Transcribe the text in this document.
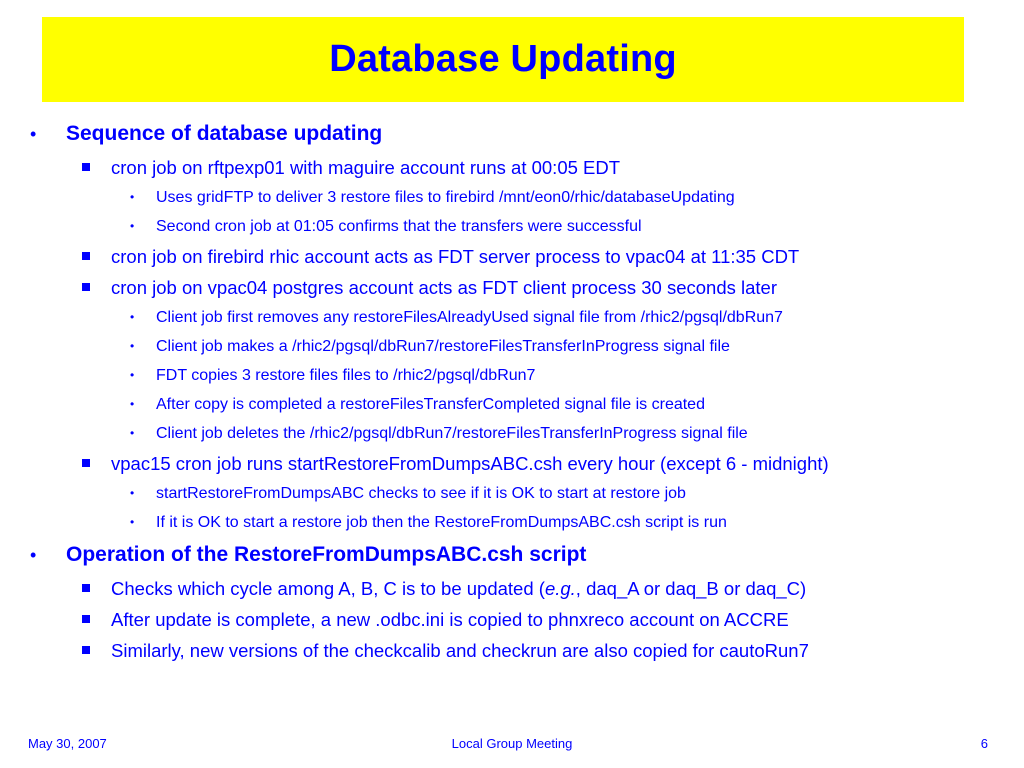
Database Updating
• Sequence of database updating
cron job on rftpexp01 with maguire account runs at 00:05 EDT
• Uses gridFTP to deliver 3 restore files to firebird /mnt/eon0/rhic/databaseUpdating
• Second cron job at 01:05 confirms that the transfers were successful
cron job on firebird rhic account acts as FDT server process to vpac04 at 11:35 CDT
cron job on vpac04 postgres account acts as FDT client process 30 seconds later
• Client job first removes any restoreFilesAlreadyUsed signal file from /rhic2/pgsql/dbRun7
• Client job makes a /rhic2/pgsql/dbRun7/restoreFilesTransferInProgress signal file
• FDT copies 3 restore files files to /rhic2/pgsql/dbRun7
• After copy is completed a restoreFilesTransferCompleted signal file is created
• Client job deletes the /rhic2/pgsql/dbRun7/restoreFilesTransferInProgress signal file
vpac15 cron job runs startRestoreFromDumpsABC.csh every hour (except 6 - midnight)
• startRestoreFromDumpsABC checks to see if it is OK to start at restore job
• If it is OK to start a restore job then the RestoreFromDumpsABC.csh script is run
• Operation of the RestoreFromDumpsABC.csh script
Checks which cycle among A, B, C is to be updated (e.g., daq_A or daq_B or daq_C)
After update is complete, a new .odbc.ini is copied to phnxreco account on ACCRE
Similarly, new versions of the checkcalib and checkrun are also copied for cautoRun7
May 30, 2007	Local Group Meeting	6
